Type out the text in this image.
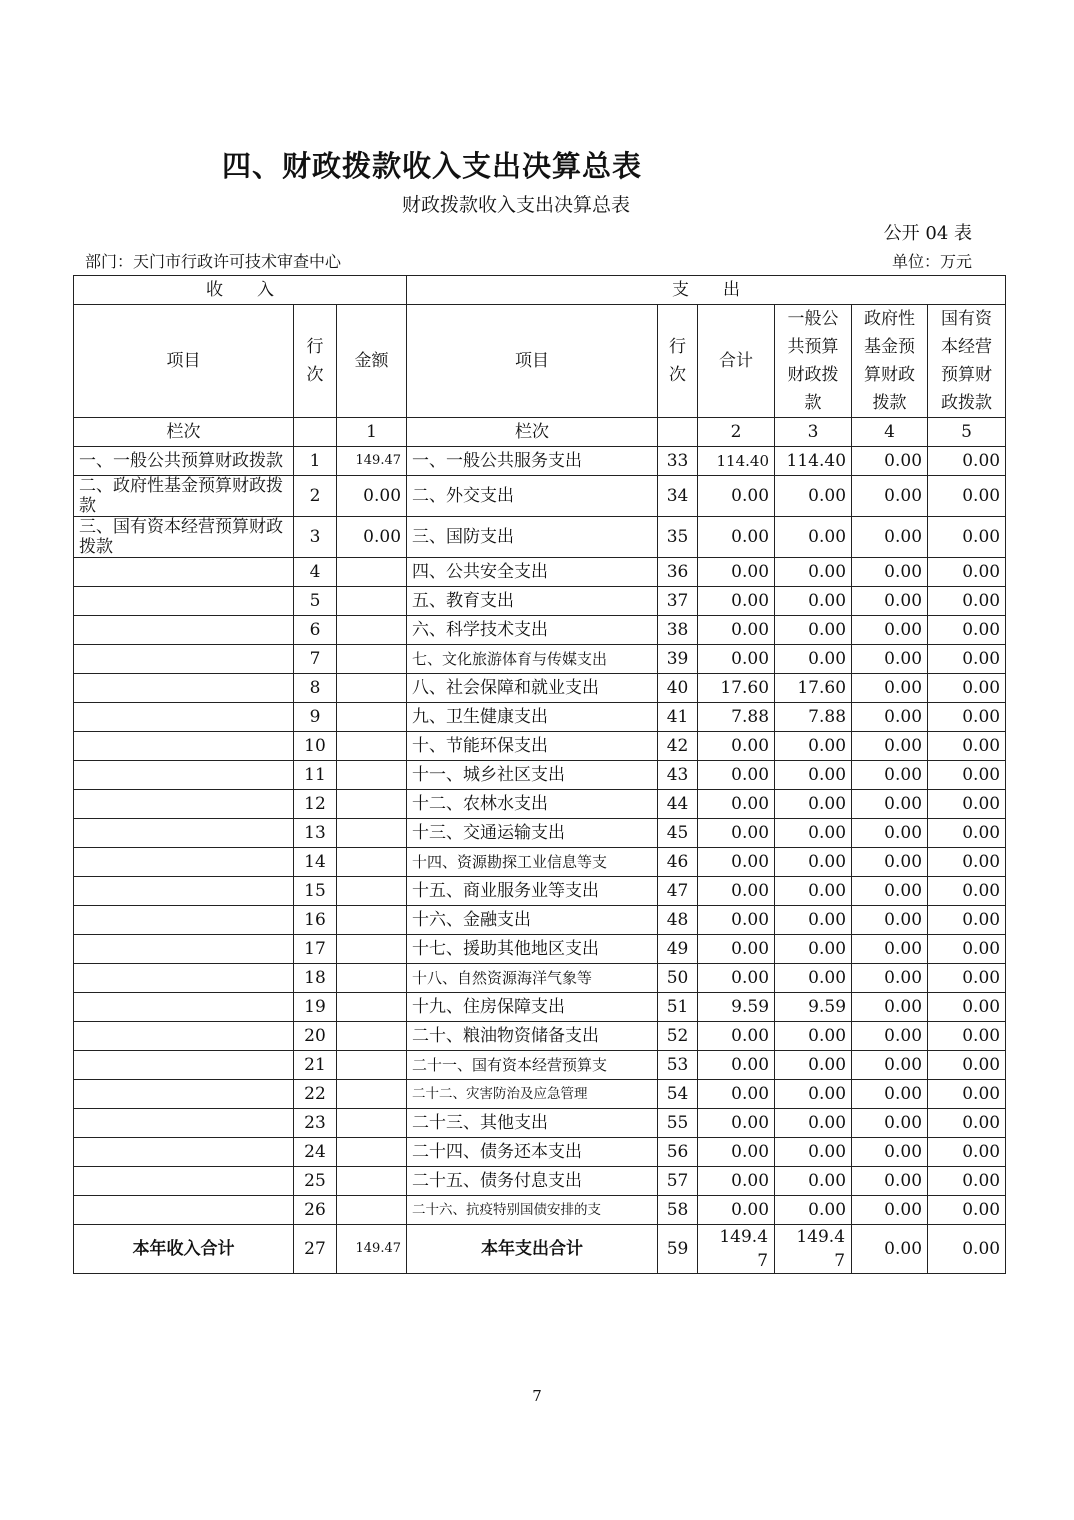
四、财政拨款收入支出决算总表
财政拨款收入支出决算总表
公开 04 表
部门：天门市行政许可技术审查中心	单位：万元
收　　入			支　　出					
项目	行次	金额	项目	行次	合计	一般公共预算财政拨款	政府性基金预算财政拨款	国有资本经营预算财政拨款
栏次		1	栏次		2	3	4	5
一、一般公共预算财政拨款	1	149.47	一、一般公共服务支出	33	114.40	114.40	0.00	0.00
二、政府性基金预算财政拨款	2	0.00	二、外交支出	34	0.00	0.00	0.00	0.00
三、国有资本经营预算财政拨款	3	0.00	三、国防支出	35	0.00	0.00	0.00	0.00
	4		四、公共安全支出	36	0.00	0.00	0.00	0.00
	5		五、教育支出	37	0.00	0.00	0.00	0.00
	6		六、科学技术支出	38	0.00	0.00	0.00	0.00
	7		七、文化旅游体育与传媒支出	39	0.00	0.00	0.00	0.00
	8		八、社会保障和就业支出	40	17.60	17.60	0.00	0.00
	9		九、卫生健康支出	41	7.88	7.88	0.00	0.00
	10		十、节能环保支出	42	0.00	0.00	0.00	0.00
	11		十一、城乡社区支出	43	0.00	0.00	0.00	0.00
	12		十二、农林水支出	44	0.00	0.00	0.00	0.00
	13		十三、交通运输支出	45	0.00	0.00	0.00	0.00
	14		十四、资源勘探工业信息等支	46	0.00	0.00	0.00	0.00
	15		十五、商业服务业等支出	47	0.00	0.00	0.00	0.00
	16		十六、金融支出	48	0.00	0.00	0.00	0.00
	17		十七、援助其他地区支出	49	0.00	0.00	0.00	0.00
	18		十八、自然资源海洋气象等	50	0.00	0.00	0.00	0.00
	19		十九、住房保障支出	51	9.59	9.59	0.00	0.00
	20		二十、粮油物资储备支出	52	0.00	0.00	0.00	0.00
	21		二十一、国有资本经营预算支	53	0.00	0.00	0.00	0.00
	22		二十二、灾害防治及应急管理	54	0.00	0.00	0.00	0.00
	23		二十三、其他支出	55	0.00	0.00	0.00	0.00
	24		二十四、债务还本支出	56	0.00	0.00	0.00	0.00
	25		二十五、债务付息支出	57	0.00	0.00	0.00	0.00
	26		二十六、抗疫特别国债安排的支	58	0.00	0.00	0.00	0.00
本年收入合计	27	149.47	本年支出合计	59	149.47	149.47	0.00	0.00
7
